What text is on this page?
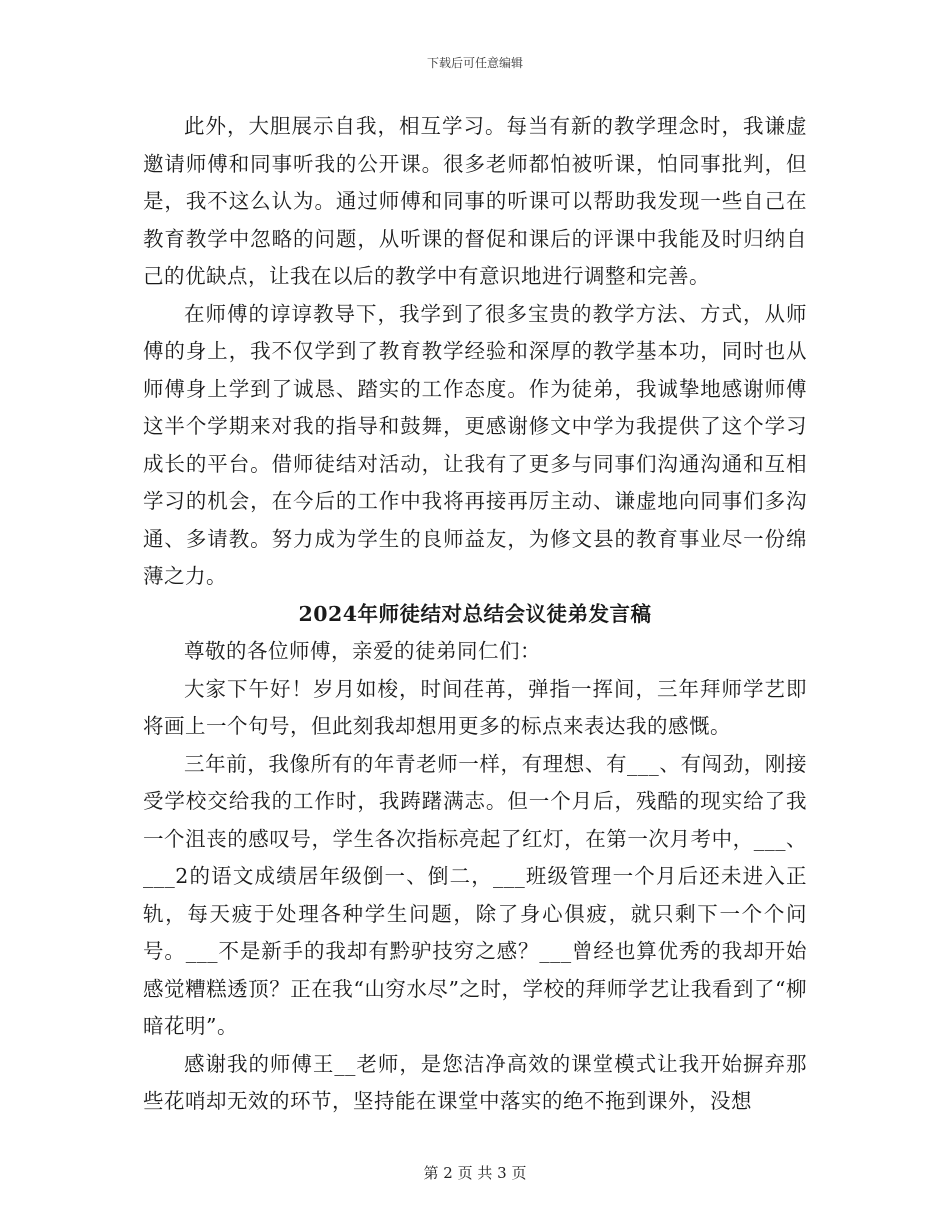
下载后可任意编辑

此外，大胆展示自我，相互学习。每当有新的教学理念时，我谦虚邀请师傅和同事听我的公开课。很多老师都怕被听课，怕同事批判，但是，我不这么认为。通过师傅和同事的听课可以帮助我发现一些自己在教育教学中忽略的问题，从听课的督促和课后的评课中我能及时归纳自己的优缺点，让我在以后的教学中有意识地进行调整和完善。

在师傅的谆谆教导下，我学到了很多宝贵的教学方法、方式，从师傅的身上，我不仅学到了教育教学经验和深厚的教学基本功，同时也从师傅身上学到了诚恳、踏实的工作态度。作为徒弟，我诚挚地感谢师傅这半个学期来对我的指导和鼓舞，更感谢修文中学为我提供了这个学习成长的平台。借师徒结对活动，让我有了更多与同事们沟通沟通和互相学习的机会，在今后的工作中我将再接再厉主动、谦虚地向同事们多沟通、多请教。努力成为学生的良师益友，为修文县的教育事业尽一份绵薄之力。

2024年师徒结对总结会议徒弟发言稿

尊敬的各位师傅，亲爱的徒弟同仁们：

大家下午好！岁月如梭，时间荏苒，弹指一挥间，三年拜师学艺即将画上一个句号，但此刻我却想用更多的标点来表达我的感慨。

三年前，我像所有的年青老师一样，有理想、有___、有闯劲，刚接受学校交给我的工作时，我踌躇满志。但一个月后，残酷的现实给了我一个沮丧的感叹号，学生各次指标亮起了红灯，在第一次月考中，___、___2的语文成绩居年级倒一、倒二，___班级管理一个月后还未进入正轨，每天疲于处理各种学生问题，除了身心俱疲，就只剩下一个个问号。___不是新手的我却有黔驴技穷之感？___曾经也算优秀的我却开始感觉糟糕透顶？正在我“山穷水尽”之时，学校的拜师学艺让我看到了“柳暗花明”。

感谢我的师傅王__老师，是您洁净高效的课堂模式让我开始摒弃那些花哨却无效的环节，坚持能在课堂中落实的绝不拖到课外，没想

第 2 页 共 3 页
